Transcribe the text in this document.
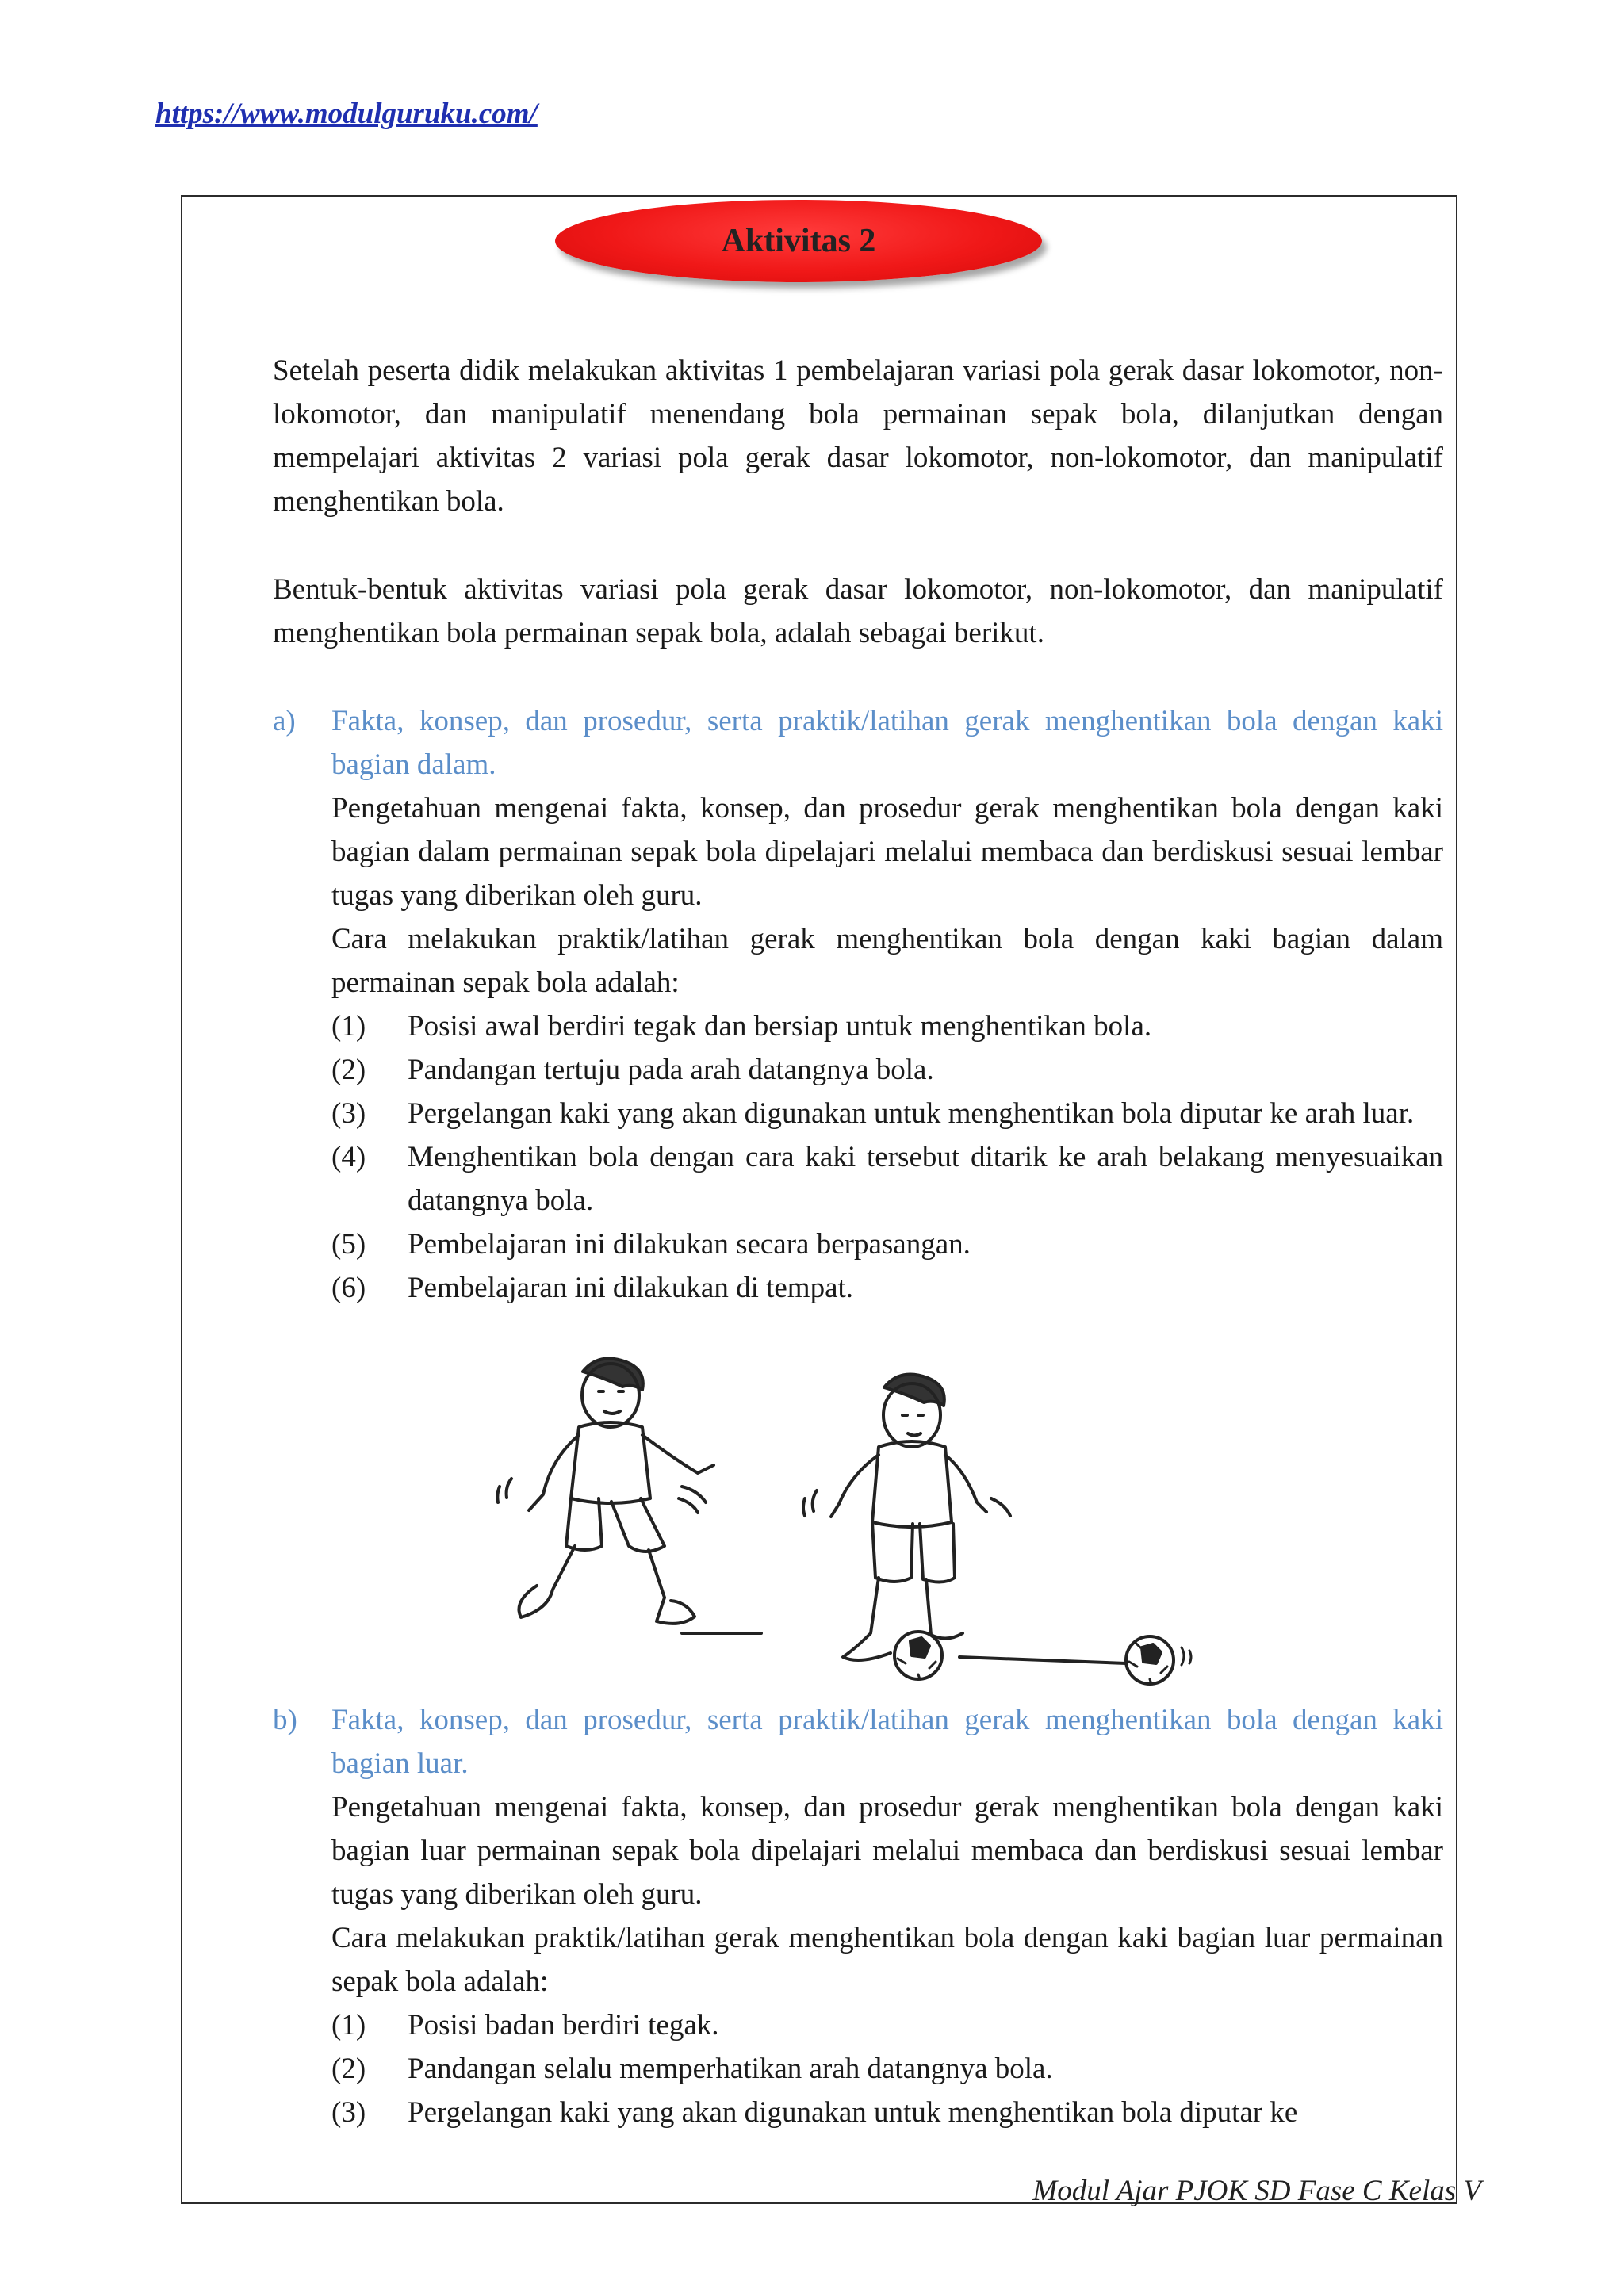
https://www.modulguruku.com/
Aktivitas 2
Setelah peserta didik melakukan aktivitas 1 pembelajaran variasi pola gerak dasar lokomotor, non-lokomotor, dan manipulatif menendang bola permainan sepak bola, dilanjutkan dengan mempelajari aktivitas 2 variasi pola gerak dasar lokomotor, non-lokomotor, dan manipulatif menghentikan bola.
Bentuk-bentuk aktivitas variasi pola gerak dasar lokomotor, non-lokomotor, dan manipulatif menghentikan bola permainan sepak bola, adalah sebagai berikut.
a) Fakta, konsep, dan prosedur, serta praktik/latihan gerak menghentikan bola dengan kaki bagian dalam.
Pengetahuan mengenai fakta, konsep, dan prosedur gerak menghentikan bola dengan kaki bagian dalam permainan sepak bola dipelajari melalui membaca dan berdiskusi sesuai lembar tugas yang diberikan oleh guru.
Cara melakukan praktik/latihan gerak menghentikan bola dengan kaki bagian dalam permainan sepak bola adalah:
(1) Posisi awal berdiri tegak dan bersiap untuk menghentikan bola.
(2) Pandangan tertuju pada arah datangnya bola.
(3) Pergelangan kaki yang akan digunakan untuk menghentikan bola diputar ke arah luar.
(4) Menghentikan bola dengan cara kaki tersebut ditarik ke arah belakang menyesuaikan datangnya bola.
(5) Pembelajaran ini dilakukan secara berpasangan.
(6) Pembelajaran ini dilakukan di tempat.
b) Fakta, konsep, dan prosedur, serta praktik/latihan gerak menghentikan bola dengan kaki bagian luar.
Pengetahuan mengenai fakta, konsep, dan prosedur gerak menghentikan bola dengan kaki bagian luar permainan sepak bola dipelajari melalui membaca dan berdiskusi sesuai lembar tugas yang diberikan oleh guru.
Cara melakukan praktik/latihan gerak menghentikan bola dengan kaki bagian luar permainan sepak bola adalah:
(1) Posisi badan berdiri tegak.
(2) Pandangan selalu memperhatikan arah datangnya bola.
(3) Pergelangan kaki yang akan digunakan untuk menghentikan bola diputar ke
Modul Ajar PJOK SD Fase C Kelas V
